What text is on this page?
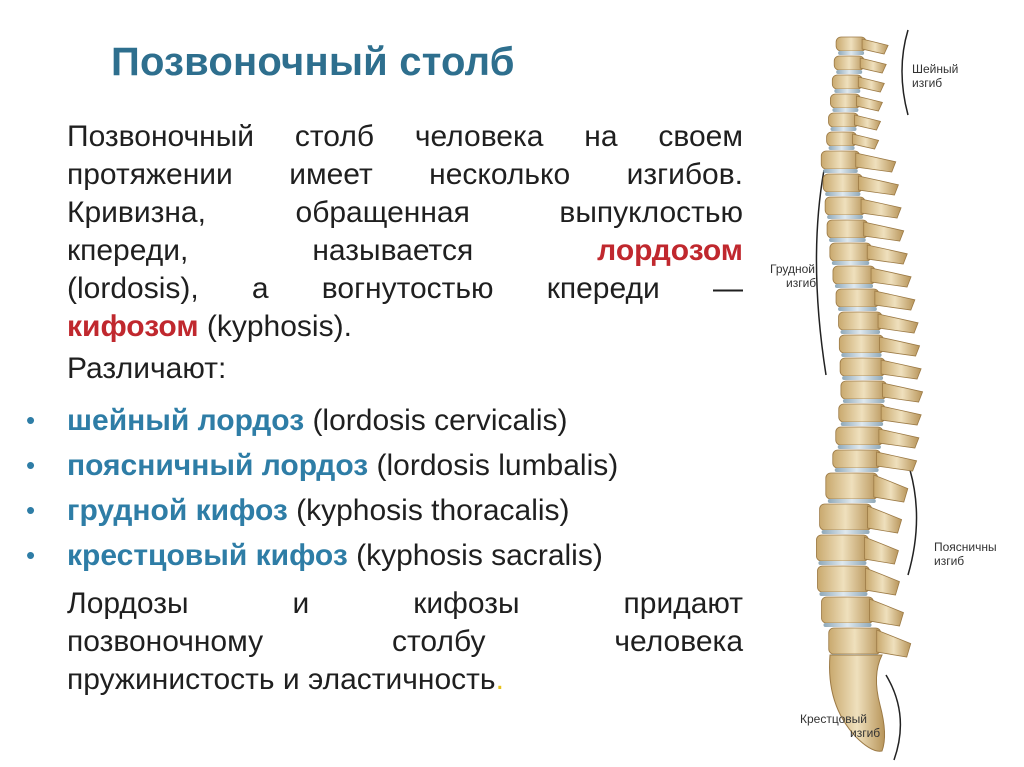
Позвоночный столб
Позвоночный столб человека на своем
протяжении имеет несколько изгибов.
Кривизна, обращенная выпуклостью
кпереди, называется лордозом
(lordosis), а вогнутостью кпереди —
кифозом (kyphosis).
Различают:
• шейный лордоз (lordosis cervicalis)
• поясничный лордоз (lordosis lumbalis)
• грудной кифоз (kyphosis thoracalis)
• крестцовый кифоз (kyphosis sacralis)
Лордозы и кифозы придают
позвоночному столбу человека
пружинистость и эластичность.
Шейный
изгиб
Грудной
изгиб
Поясничны
изгиб
Крестцовый
изгиб
